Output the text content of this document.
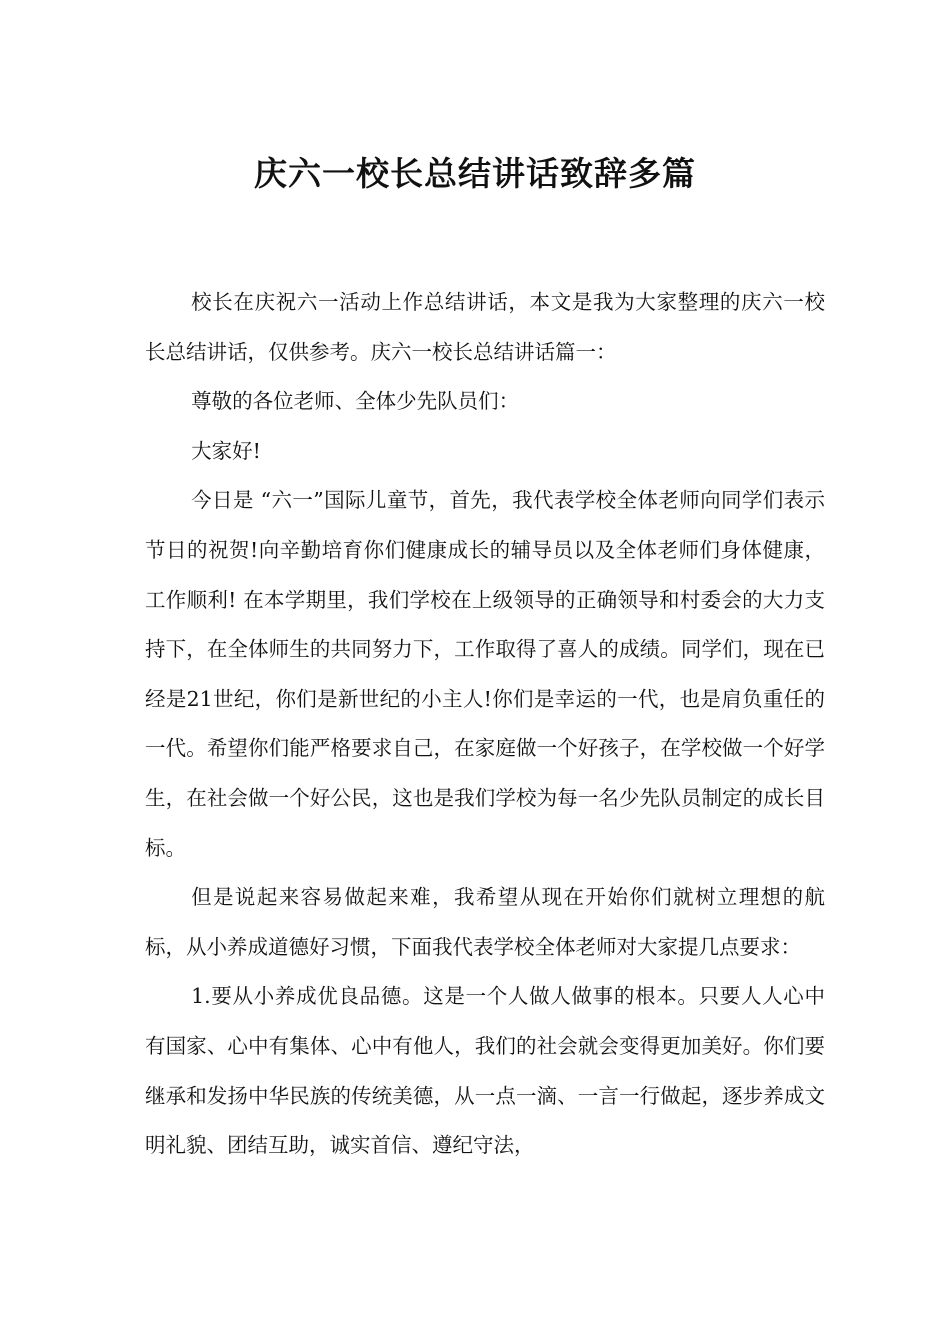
庆六一校长总结讲话致辞多篇

校长在庆祝六一活动上作总结讲话，本文是我为大家整理的庆六一校长总结讲话，仅供参考。庆六一校长总结讲话篇一：

尊敬的各位老师、全体少先队员们：

大家好!

今日是 “六一”国际儿童节，首先，我代表学校全体老师向同学们表示节日的祝贺!向辛勤培育你们健康成长的辅导员以及全体老师们身体健康，工作顺利! 在本学期里，我们学校在上级领导的正确领导和村委会的大力支持下，在全体师生的共同努力下，工作取得了喜人的成绩。同学们，现在已经是21世纪，你们是新世纪的小主人!你们是幸运的一代，也是肩负重任的一代。希望你们能严格要求自己，在家庭做一个好孩子，在学校做一个好学生，在社会做一个好公民，这也是我们学校为每一名少先队员制定的成长目标。

但是说起来容易做起来难，我希望从现在开始你们就树立理想的航标，从小养成道德好习惯，下面我代表学校全体老师对大家提几点要求：

1.要从小养成优良品德。这是一个人做人做事的根本。只要人人心中有国家、心中有集体、心中有他人，我们的社会就会变得更加美好。你们要继承和发扬中华民族的传统美德，从一点一滴、一言一行做起，逐步养成文明礼貌、团结互助，诚实首信、遵纪守法，
